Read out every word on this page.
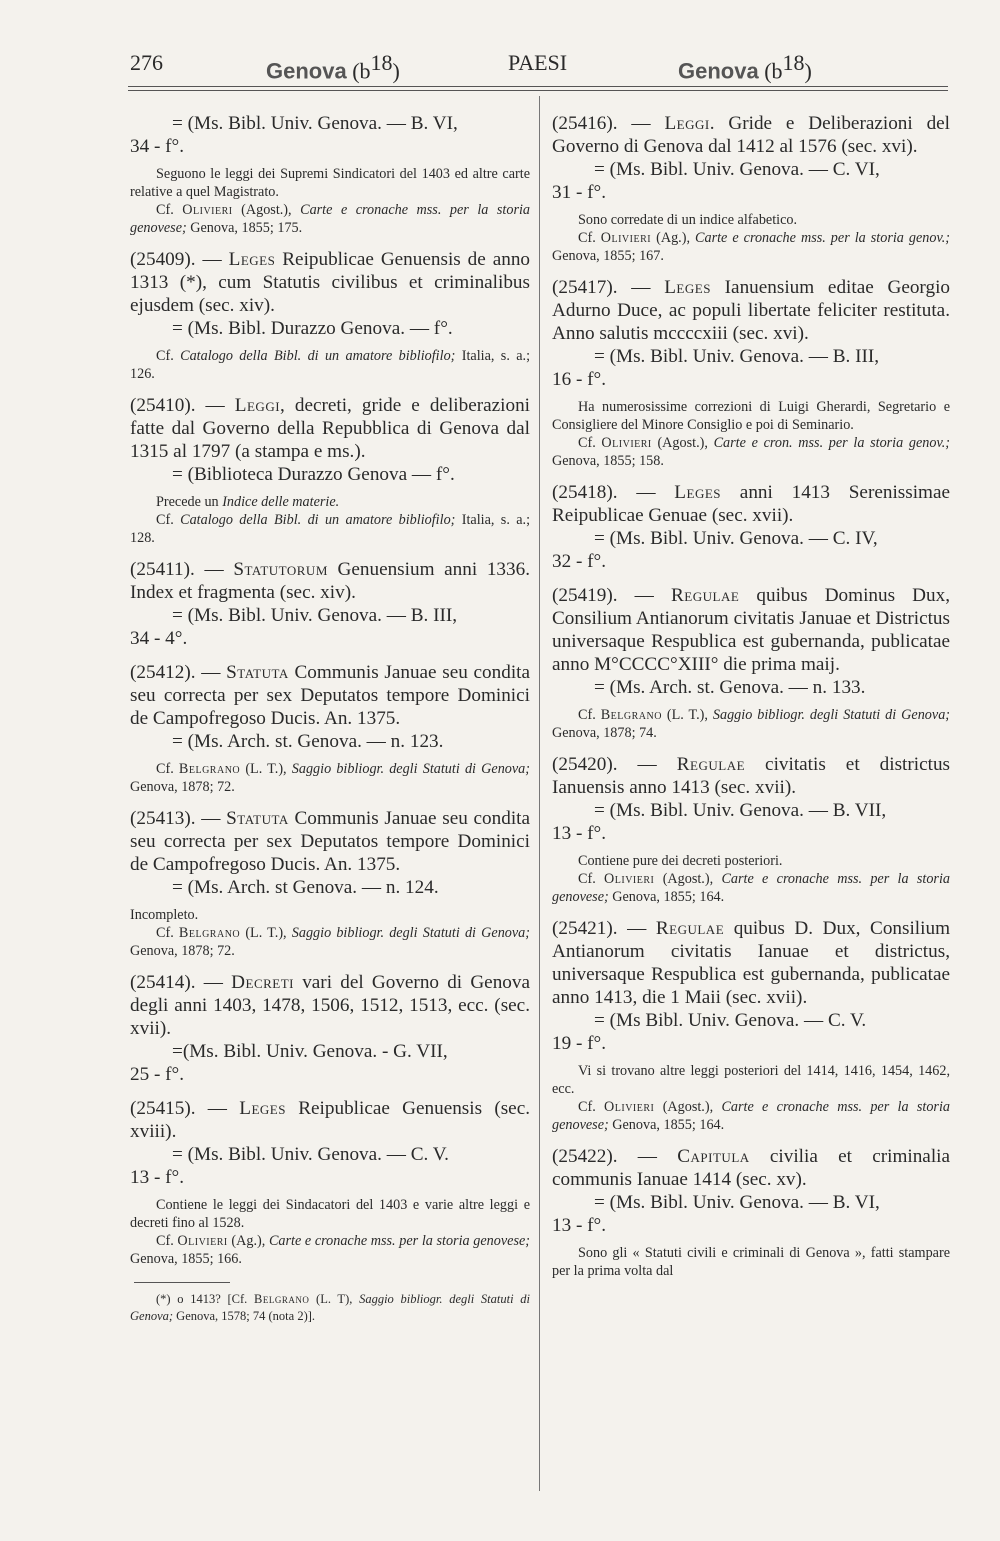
276	Genova (b18)	PAESI	Genova (b18)

= (Ms. Bibl. Univ. Genova. — B. VI,

34 - f°.

Seguono le leggi dei Supremi Sindicatori del 1403 ed altre carte relative a quel Magistrato.

Cf. Olivieri (Agost.), Carte e cronache mss. per la storia genovese; Genova, 1855; 175.

(25409). — Leges Reipublicae Genuensis de anno 1313 (*), cum Statutis civilibus et criminalibus ejusdem (sec. xiv).

= (Ms. Bibl. Durazzo Genova. — f°.

Cf. Catalogo della Bibl. di un amatore bibliofilo; Italia, s. a.; 126.

(25410). — Leggi, decreti, gride e deliberazioni fatte dal Governo della Repubblica di Genova dal 1315 al 1797 (a stampa e ms.).

= (Biblioteca Durazzo Genova — f°.

Precede un Indice delle materie.

Cf. Catalogo della Bibl. di un amatore bibliofilo; Italia, s. a.; 128.

(25411). — Statutorum Genuensium anni 1336. Index et fragmenta (sec. xiv).

= (Ms. Bibl. Univ. Genova. — B. III,

34 - 4°.

(25412). — Statuta Communis Januae seu condita seu correcta per sex Deputatos tempore Dominici de Campofregoso Ducis. An. 1375.

= (Ms. Arch. st. Genova. — n. 123.

Cf. Belgrano (L. T.), Saggio bibliogr. degli Statuti di Genova; Genova, 1878; 72.

(25413). — Statuta Communis Januae seu condita seu correcta per sex Deputatos tempore Dominici de Campofregoso Ducis. An. 1375.

= (Ms. Arch. st Genova. — n. 124.

Incompleto.

Cf. Belgrano (L. T.), Saggio bibliogr. degli Statuti di Genova; Genova, 1878; 72.

(25414). — Decreti vari del Governo di Genova degli anni 1403, 1478, 1506, 1512, 1513, ecc. (sec. xvii).

=(Ms. Bibl. Univ. Genova. - G. VII,

25 - f°.

(25415). — Leges Reipublicae Genuensis (sec. xviii).

= (Ms. Bibl. Univ. Genova. — C. V.

13 - f°.

Contiene le leggi dei Sindacatori del 1403 e varie altre leggi e decreti fino al 1528.

Cf. Olivieri (Ag.), Carte e cronache mss. per la storia genovese; Genova, 1855; 166.

(*) o 1413? [Cf. Belgrano (L. T), Saggio bibliogr. degli Statuti di Genova; Genova, 1578; 74 (nota 2)].

(25416). — Leggi. Gride e Deliberazioni del Governo di Genova dal 1412 al 1576 (sec. xvi).

= (Ms. Bibl. Univ. Genova. — C. VI,

31 - f°.

Sono corredate di un indice alfabetico.

Cf. Olivieri (Ag.), Carte e cronache mss. per la storia genov.; Genova, 1855; 167.

(25417). — Leges Ianuensium editae Georgio Adurno Duce, ac populi libertate feliciter restituta. Anno salutis mccccxiii (sec. xvi).

= (Ms. Bibl. Univ. Genova. — B. III,

16 - f°.

Ha numerosissime correzioni di Luigi Gherardi, Segretario e Consigliere del Minore Consiglio e poi di Seminario.

Cf. Olivieri (Agost.), Carte e cron. mss. per la storia genov.; Genova, 1855; 158.

(25418). — Leges anni 1413 Serenissimae Reipublicae Genuae (sec. xvii).

= (Ms. Bibl. Univ. Genova. — C. IV,

32 - f°.

(25419). — Regulae quibus Dominus Dux, Consilium Antianorum civitatis Januae et Districtus universaque Respublica est gubernanda, publicatae anno M°CCCC°XIII° die prima maij.

= (Ms. Arch. st. Genova. — n. 133.

Cf. Belgrano (L. T.), Saggio bibliogr. degli Statuti di Genova; Genova, 1878; 74.

(25420). — Regulae civitatis et districtus Ianuensis anno 1413 (sec. xvii).

= (Ms. Bibl. Univ. Genova. — B. VII,

13 - f°.

Contiene pure dei decreti posteriori.

Cf. Olivieri (Agost.), Carte e cronache mss. per la storia genovese; Genova, 1855; 164.

(25421). — Regulae quibus D. Dux, Consilium Antianorum civitatis Ianuae et districtus, universaque Respublica est gubernanda, publicatae anno 1413, die 1 Maii (sec. xvii).

= (Ms Bibl. Univ. Genova. — C. V.

19 - f°.

Vi si trovano altre leggi posteriori del 1414, 1416, 1454, 1462, ecc.

Cf. Olivieri (Agost.), Carte e cronache mss. per la storia genovese; Genova, 1855; 164.

(25422). — Capitula civilia et criminalia communis Ianuae 1414 (sec. xv).

= (Ms. Bibl. Univ. Genova. — B. VI,

13 - f°.

Sono gli « Statuti civili e criminali di Genova », fatti stampare per la prima volta dal
